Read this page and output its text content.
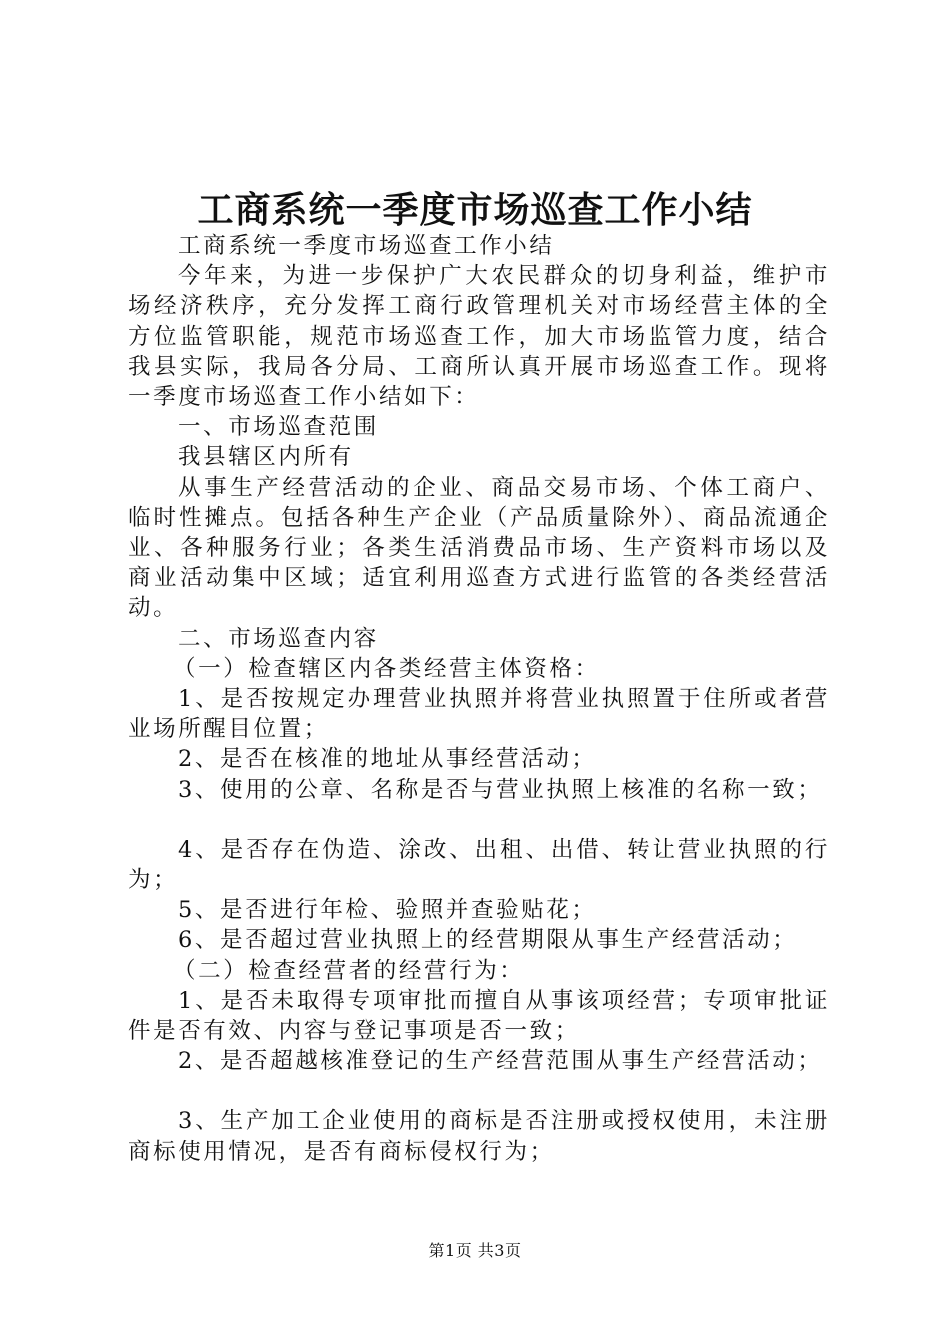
工商系统一季度市场巡查工作小结

工商系统一季度市场巡查工作小结

今年来，为进一步保护广大农民群众的切身利益，维护市场经济秩序，充分发挥工商行政管理机关对市场经营主体的全方位监管职能，规范市场巡查工作，加大市场监管力度，结合我县实际，我局各分局、工商所认真开展市场巡查工作。现将一季度市场巡查工作小结如下：

一、市场巡查范围

我县辖区内所有

从事生产经营活动的企业、商品交易市场、个体工商户、临时性摊点。包括各种生产企业（产品质量除外）、商品流通企业、各种服务行业；各类生活消费品市场、生产资料市场以及商业活动集中区域；适宜利用巡查方式进行监管的各类经营活动。

二、市场巡查内容

（一）检查辖区内各类经营主体资格：

1、是否按规定办理营业执照并将营业执照置于住所或者营业场所醒目位置；

2、是否在核准的地址从事经营活动；

3、使用的公章、名称是否与营业执照上核准的名称一致；

4、是否存在伪造、涂改、出租、出借、转让营业执照的行为；

5、是否进行年检、验照并查验贴花；

6、是否超过营业执照上的经营期限从事生产经营活动；

（二）检查经营者的经营行为：

1、是否未取得专项审批而擅自从事该项经营；专项审批证件是否有效、内容与登记事项是否一致；

2、是否超越核准登记的生产经营范围从事生产经营活动；

3、生产加工企业使用的商标是否注册或授权使用，未注册商标使用情况，是否有商标侵权行为；

第1页 共3页
